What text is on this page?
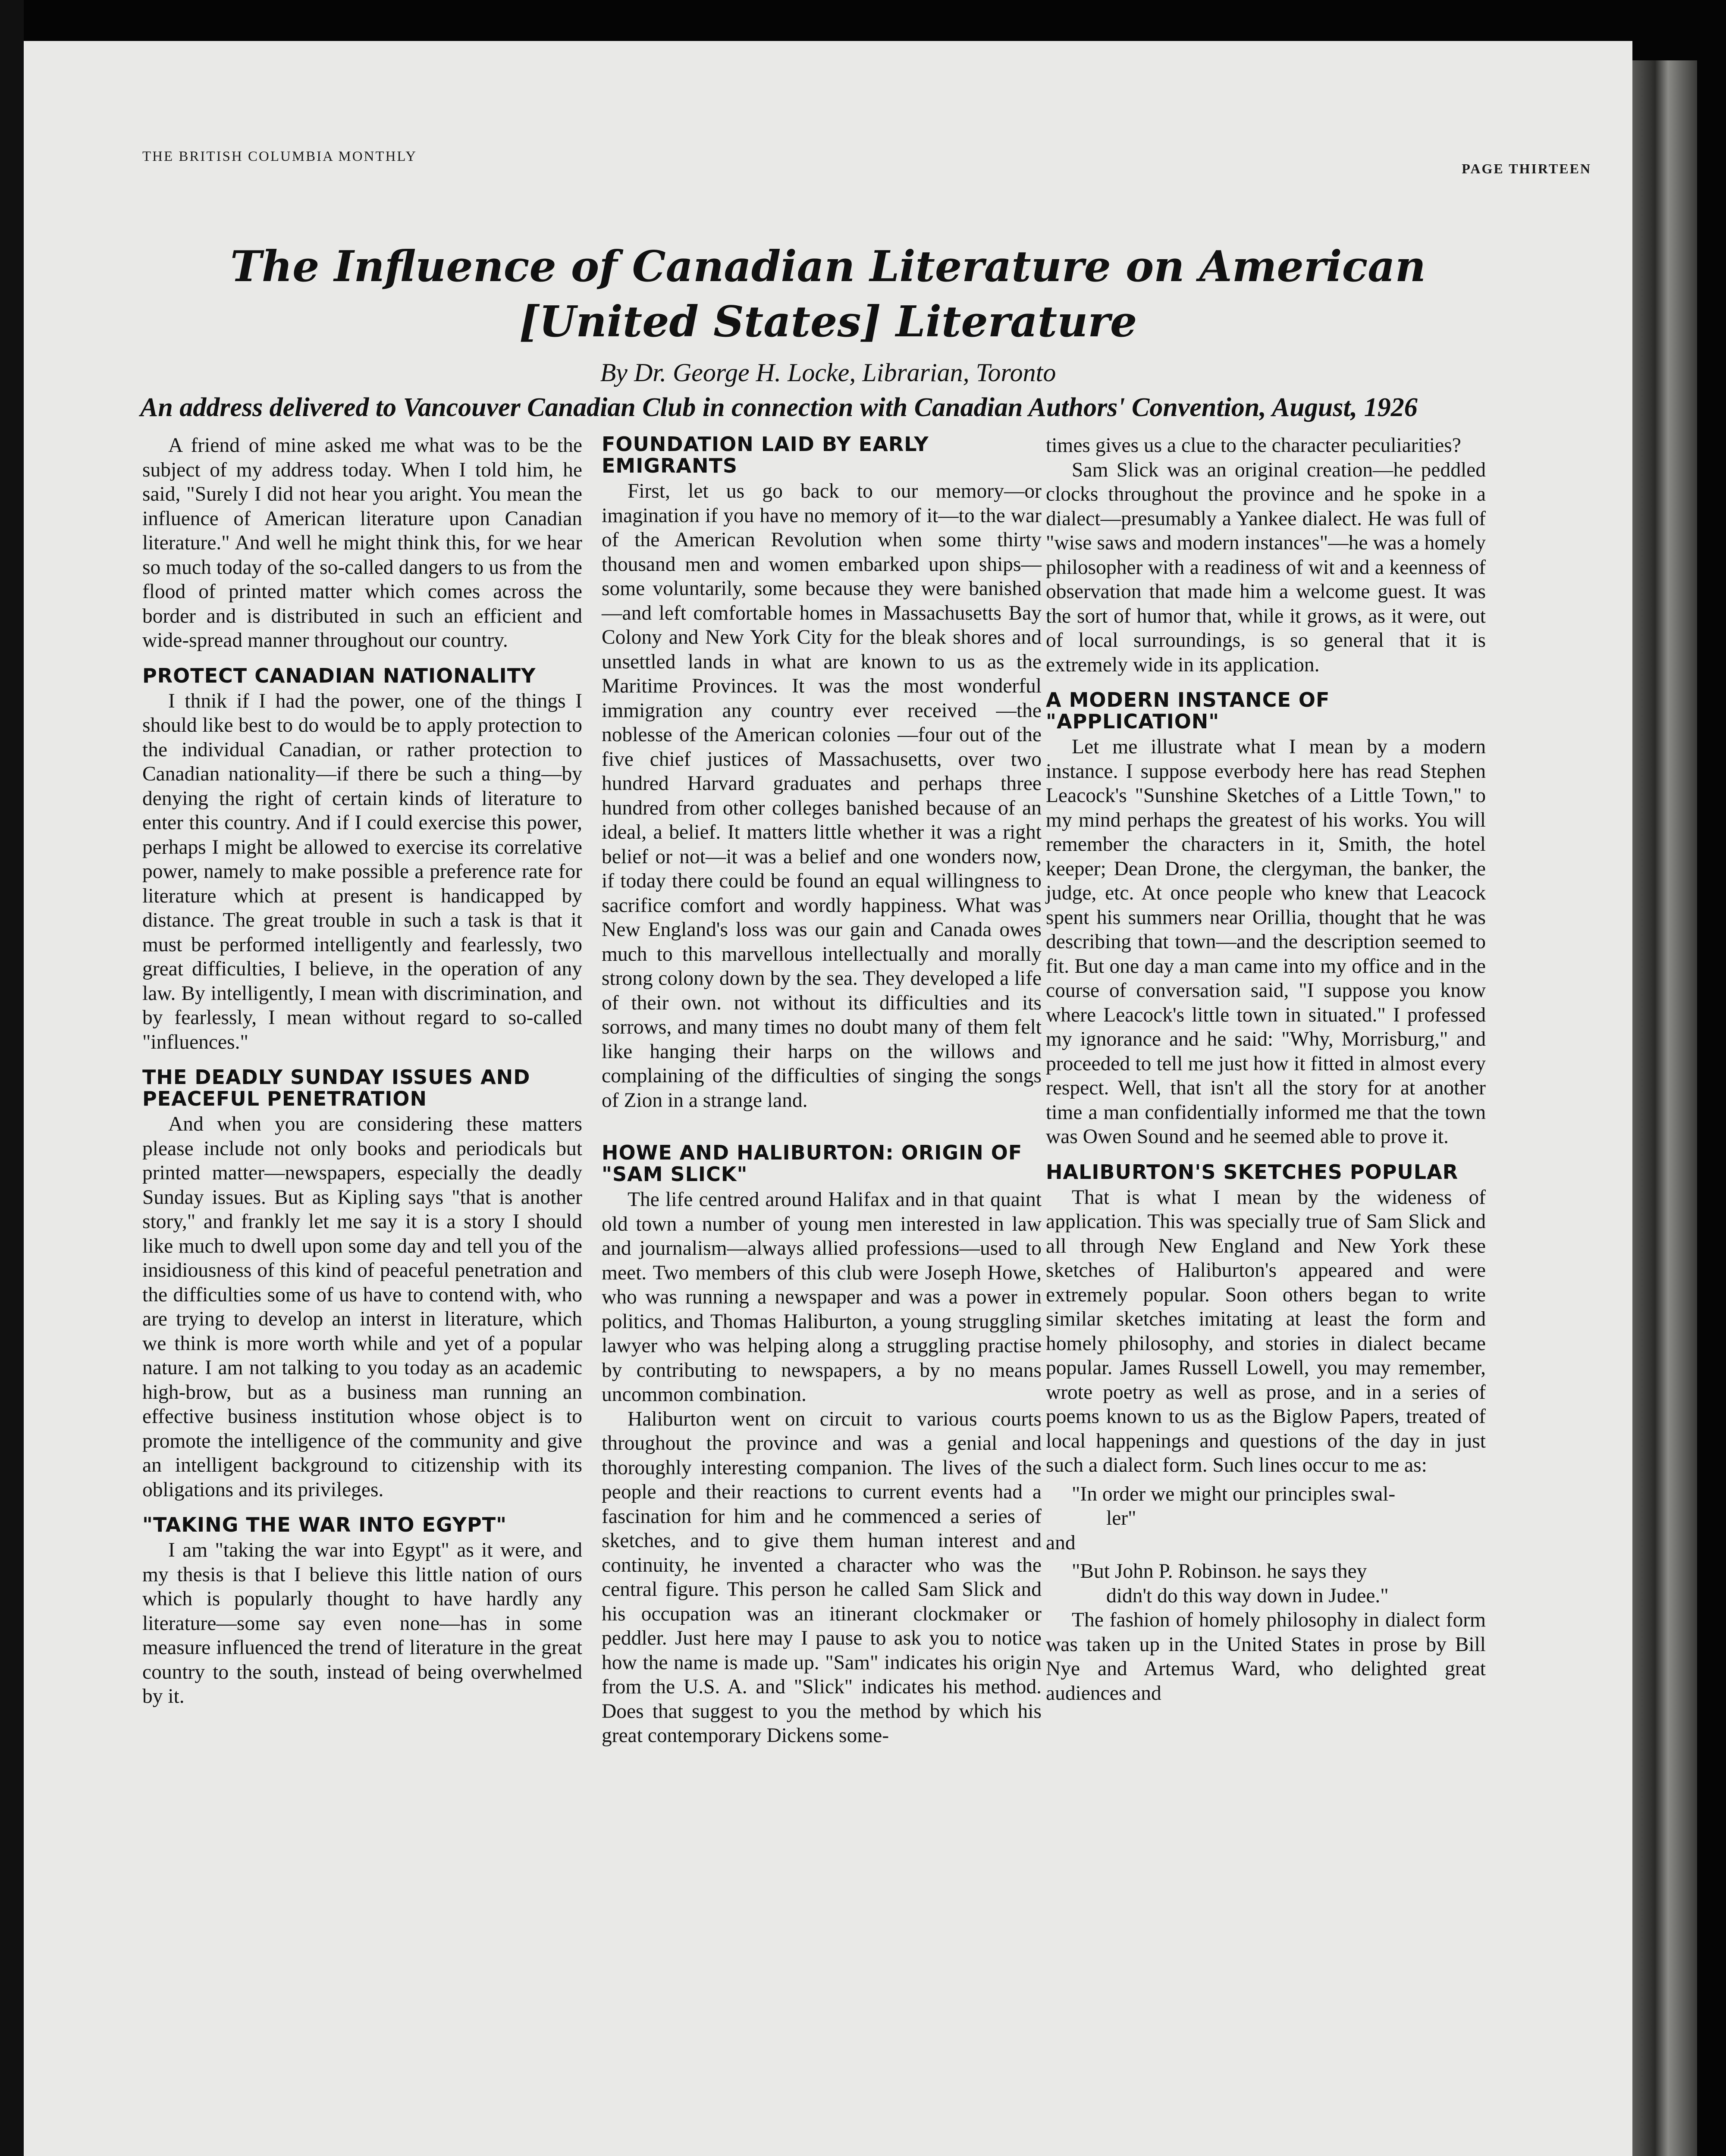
THE BRITISH COLUMBIA MONTHLY
PAGE THIRTEEN
The Influence of Canadian Literature on American
[United States] Literature
By Dr. George H. Locke, Librarian, Toronto
An address delivered to Vancouver Canadian Club in connection with Canadian Authors' Convention, August, 1926

A friend of mine asked me what was to be the subject of my address today. When I told him, he said, "Surely I did not hear you aright. You mean the influence of American literature upon Canadian literature." And well he might think this, for we hear so much today of the so-called dangers to us from the flood of printed matter which comes across the border and is distributed in such an efficient and wide-spread manner throughout our country.

PROTECT CANADIAN NATIONALITY

I thnik if I had the power, one of the things I should like best to do would be to apply protection to the individual Canadian, or rather protection to Canadian nationality—if there be such a thing—by denying the right of certain kinds of literature to enter this country. And if I could exercise this power, perhaps I might be allowed to exercise its correlative power, namely to make possible a preference rate for literature which at present is handicapped by distance. The great trouble in such a task is that it must be performed intelligently and fearlessly, two great difficulties, I believe, in the operation of any law. By intelligently, I mean with discrimination, and by fearlessly, I mean without regard to so-called "influences."

THE DEADLY SUNDAY ISSUES AND PEACEFUL PENETRATION

And when you are considering these matters please include not only books and periodicals but printed matter—newspapers, especially the deadly Sunday issues. But as Kipling says "that is another story," and frankly let me say it is a story I should like much to dwell upon some day and tell you of the insidiousness of this kind of peaceful penetration and the difficulties some of us have to contend with, who are trying to develop an interst in literature, which we think is more worth while and yet of a popular nature. I am not talking to you today as an academic high-brow, but as a business man running an effective business institution whose object is to promote the intelligence of the community and give an intelligent background to citizenship with its obligations and its privileges.

"TAKING THE WAR INTO EGYPT"

I am "taking the war into Egypt" as it were, and my thesis is that I believe this little nation of ours which is popularly thought to have hardly any literature—some say even none—has in some measure influenced the trend of literature in the great country to the south, instead of being overwhelmed by it.

FOUNDATION LAID BY EARLY EMIGRANTS

First, let us go back to our memory—or imagination if you have no memory of it—to the war of the American Revolution when some thirty thousand men and women embarked upon ships—some voluntarily, some because they were banished —and left comfortable homes in Massachusetts Bay Colony and New York City for the bleak shores and unsettled lands in what are known to us as the Maritime Provinces. It was the most wonderful immigration any country ever received —the noblesse of the American colonies —four out of the five chief justices of Massachusetts, over two hundred Harvard graduates and perhaps three hundred from other colleges banished because of an ideal, a belief. It matters little whether it was a right belief or not—it was a belief and one wonders now, if today there could be found an equal willingness to sacrifice comfort and wordly happiness. What was New England's loss was our gain and Canada owes much to this marvellous intellectually and morally strong colony down by the sea. They developed a life of their own. not without its difficulties and its sorrows, and many times no doubt many of them felt like hanging their harps on the willows and complaining of the difficulties of singing the songs of Zion in a strange land.

HOWE AND HALIBURTON: ORIGIN OF "SAM SLICK"

The life centred around Halifax and in that quaint old town a number of young men interested in law and journalism—always allied professions—used to meet. Two members of this club were Joseph Howe, who was running a newspaper and was a power in politics, and Thomas Haliburton, a young struggling lawyer who was helping along a struggling practise by contributing to newspapers, a by no means uncommon combination.

Haliburton went on circuit to various courts throughout the province and was a genial and thoroughly interesting companion. The lives of the people and their reactions to current events had a fascination for him and he commenced a series of sketches, and to give them human interest and continuity, he invented a character who was the central figure. This person he called Sam Slick and his occupation was an itinerant clockmaker or peddler. Just here may I pause to ask you to notice how the name is made up. "Sam" indicates his origin from the U.S. A. and "Slick" indicates his method. Does that suggest to you the method by which his great contemporary Dickens some-

times gives us a clue to the character peculiarities?

Sam Slick was an original creation—he peddled clocks throughout the province and he spoke in a dialect—presumably a Yankee dialect. He was full of "wise saws and modern instances"—he was a homely philosopher with a readiness of wit and a keenness of observation that made him a welcome guest. It was the sort of humor that, while it grows, as it were, out of local surroundings, is so general that it is extremely wide in its application.

A MODERN INSTANCE OF "APPLICATION"

Let me illustrate what I mean by a modern instance. I suppose everbody here has read Stephen Leacock's "Sunshine Sketches of a Little Town," to my mind perhaps the greatest of his works. You will remember the characters in it, Smith, the hotel keeper; Dean Drone, the clergyman, the banker, the judge, etc. At once people who knew that Leacock spent his summers near Orillia, thought that he was describing that town—and the description seemed to fit. But one day a man came into my office and in the course of conversation said, "I suppose you know where Leacock's little town in situated." I professed my ignorance and he said: "Why, Morrisburg," and proceeded to tell me just how it fitted in almost every respect. Well, that isn't all the story for at another time a man confidentially informed me that the town was Owen Sound and he seemed able to prove it.

HALIBURTON'S SKETCHES POPULAR

That is what I mean by the wideness of application. This was specially true of Sam Slick and all through New England and New York these sketches of Haliburton's appeared and were extremely popular. Soon others began to write similar sketches imitating at least the form and homely philosophy, and stories in dialect became popular. James Russell Lowell, you may remember, wrote poetry as well as prose, and in a series of poems known to us as the Biglow Papers, treated of local happenings and questions of the day in just such a dialect form. Such lines occur to me as:

"In order we might our principles swal-

ler"

and

"But John P. Robinson. he says they

didn't do this way down in Judee."

The fashion of homely philosophy in dialect form was taken up in the United States in prose by Bill Nye and Artemus Ward, who delighted great audiences and
